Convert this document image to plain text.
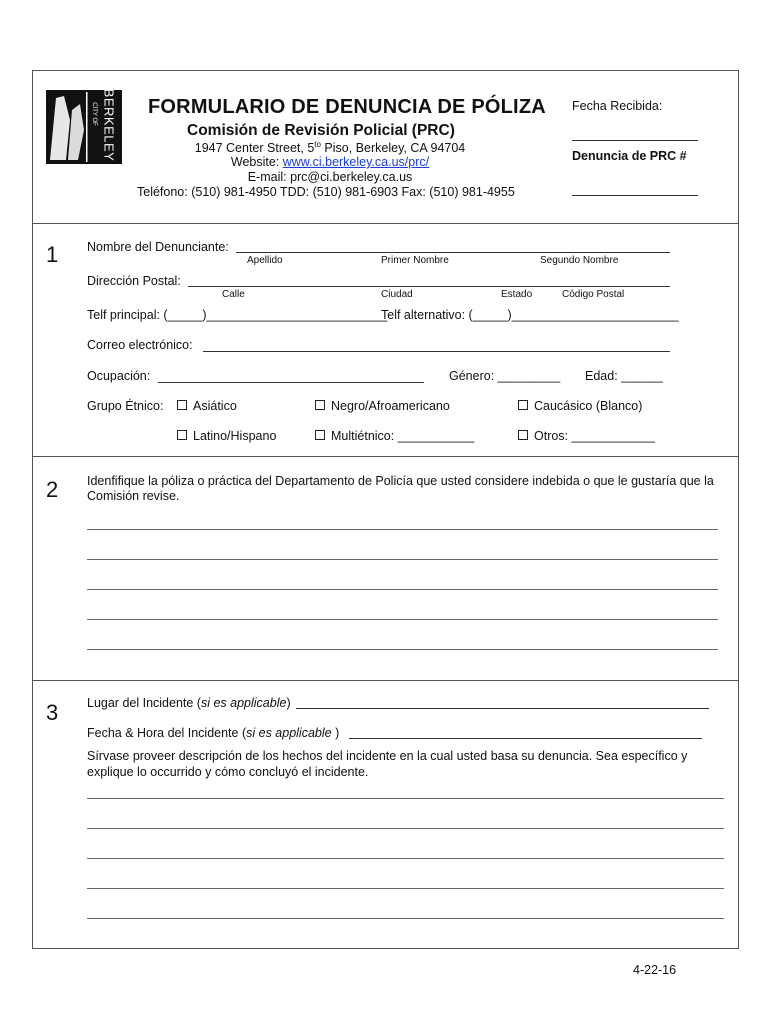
BERKELEY
CITY OF	FORMULARIO DE DENUNCIA DE PÓLIZA
Comisión de Revisión Policial (PRC)
1947 Center Street, $5^{to}$ Piso, Berkeley, CA 94704
Website: www.ci.berkeley.ca.us/prc/
E-mail: prc@ci.berkeley.ca.us
Teléfono: (510) 981-4950 TDD: (510) 981-6903 Fax: (510) 981-4955
Fecha Recibida:
Denuncia de PRC #
1 Nombre del Denunciante:
Apellido	Primer Nombre	Segundo Nombre
Dirección Postal:
Calle	Ciudad	Estado	Código Postal
Telf principal: (_____)__________________________
Telf alternativo: (_____)________________________
Correo electrónico:
Ocupación:	Género: _________ Edad: ______
Grupo Étnico:	Asiático	Negro/Afroamericano	Caucásico (Blanco)
Latino/Hispano	Multiétnico: ___________	Otros: ____________
2 Idenfifique la póliza o práctica del Departamento de Policía que usted considere indebida o que le gustaría que la
Comisión revise.
3 Lugar del Incidente (si es applicable)
Fecha & Hora del Incidente (si es applicable )
Sírvase proveer descripción de los hechos del incidente en la cual usted basa su denuncia. Sea específico y
explique lo occurrido y cómo concluyó el incidente.
4-22-16
